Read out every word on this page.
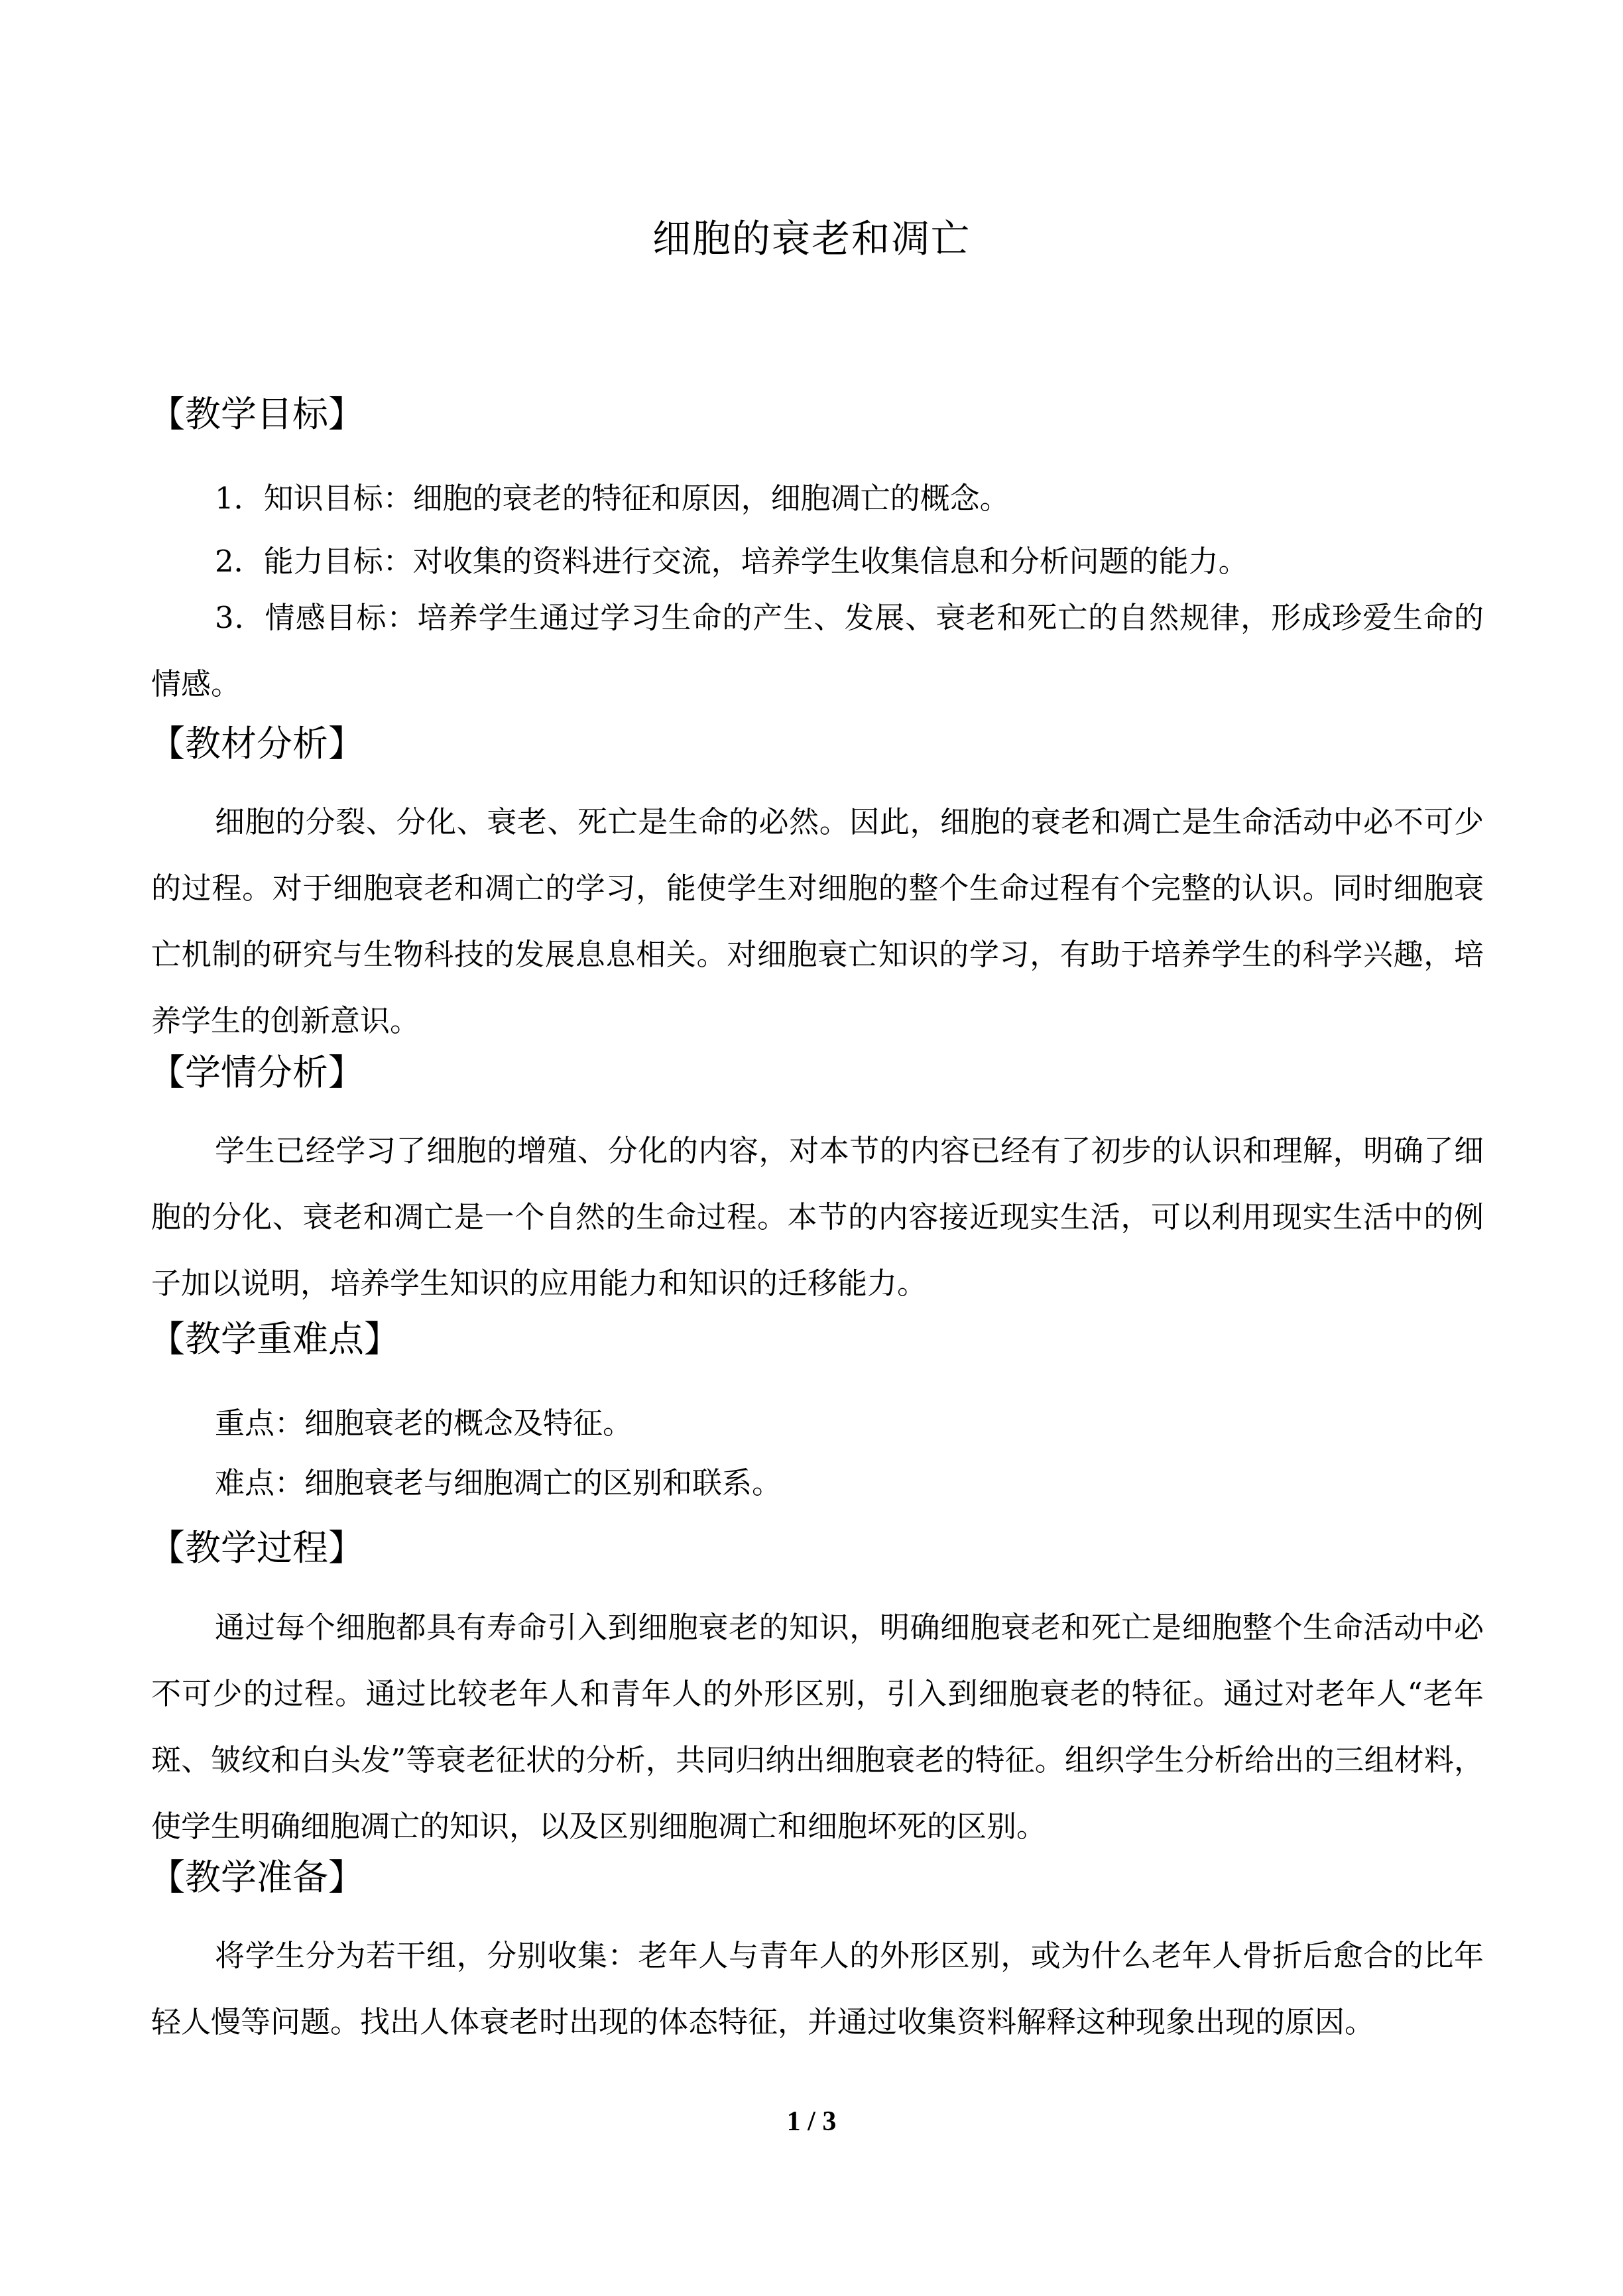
细胞的衰老和凋亡
【教学目标】

1．知识目标：细胞的衰老的特征和原因，细胞凋亡的概念。

2．能力目标：对收集的资料进行交流，培养学生收集信息和分析问题的能力。

3．情感目标：培养学生通过学习生命的产生、发展、衰老和死亡的自然规律，形成珍爱生命的情感。

【教材分析】

细胞的分裂、分化、衰老、死亡是生命的必然。因此，细胞的衰老和凋亡是生命活动中必不可少的过程。对于细胞衰老和凋亡的学习，能使学生对细胞的整个生命过程有个完整的认识。同时细胞衰亡机制的研究与生物科技的发展息息相关。对细胞衰亡知识的学习，有助于培养学生的科学兴趣，培养学生的创新意识。

【学情分析】

学生已经学习了细胞的增殖、分化的内容，对本节的内容已经有了初步的认识和理解，明确了细胞的分化、衰老和凋亡是一个自然的生命过程。本节的内容接近现实生活，可以利用现实生活中的例子加以说明，培养学生知识的应用能力和知识的迁移能力。

【教学重难点】

重点：细胞衰老的概念及特征。

难点：细胞衰老与细胞凋亡的区别和联系。

【教学过程】

通过每个细胞都具有寿命引入到细胞衰老的知识，明确细胞衰老和死亡是细胞整个生命活动中必不可少的过程。通过比较老年人和青年人的外形区别，引入到细胞衰老的特征。通过对老年人“老年斑、皱纹和白头发”等衰老征状的分析，共同归纳出细胞衰老的特征。组织学生分析给出的三组材料，使学生明确细胞凋亡的知识，以及区别细胞凋亡和细胞坏死的区别。

【教学准备】

将学生分为若干组，分别收集：老年人与青年人的外形区别，或为什么老年人骨折后愈合的比年轻人慢等问题。找出人体衰老时出现的体态特征，并通过收集资料解释这种现象出现的原因。

1 / 3
